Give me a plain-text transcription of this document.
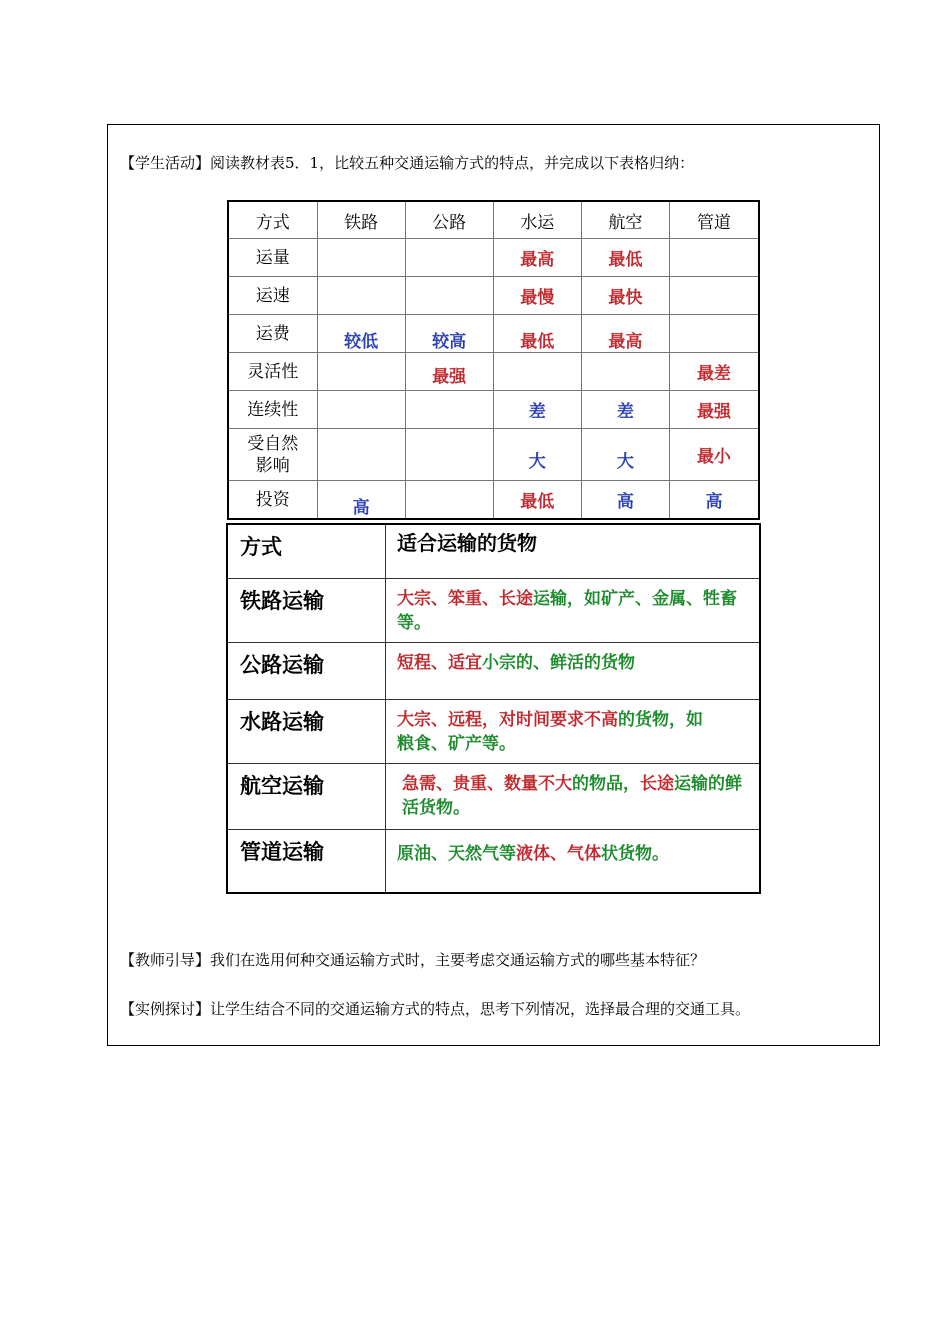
【学生活动】阅读教材表5．1，比较五种交通运输方式的特点，并完成以下表格归纳：
方式	铁路	公路	水运	航空	管道
运量			最高	最低	
运速			最慢	最快	
运费	较低	较高	最低	最高	
灵活性		最强			最差
连续性			差	差	最强
受自然影响			大	大	最小
投资	高		最低	高	高
方式	适合运输的货物
铁路运输	大宗、笨重、长途运输，如矿产、金属、牲畜等。
公路运输	短程、适宜小宗的、鲜活的货物
水路运输	大宗、远程，对时间要求不高的货物，如粮食、矿产等。
航空运输	急需、贵重、数量不大的物品，长途运输的鲜活货物。
管道运输	原油、天然气等液体、气体状货物。
【教师引导】我们在选用何种交通运输方式时，主要考虑交通运输方式的哪些基本特征？
【实例探讨】让学生结合不同的交通运输方式的特点，思考下列情况，选择最合理的交通工具。
